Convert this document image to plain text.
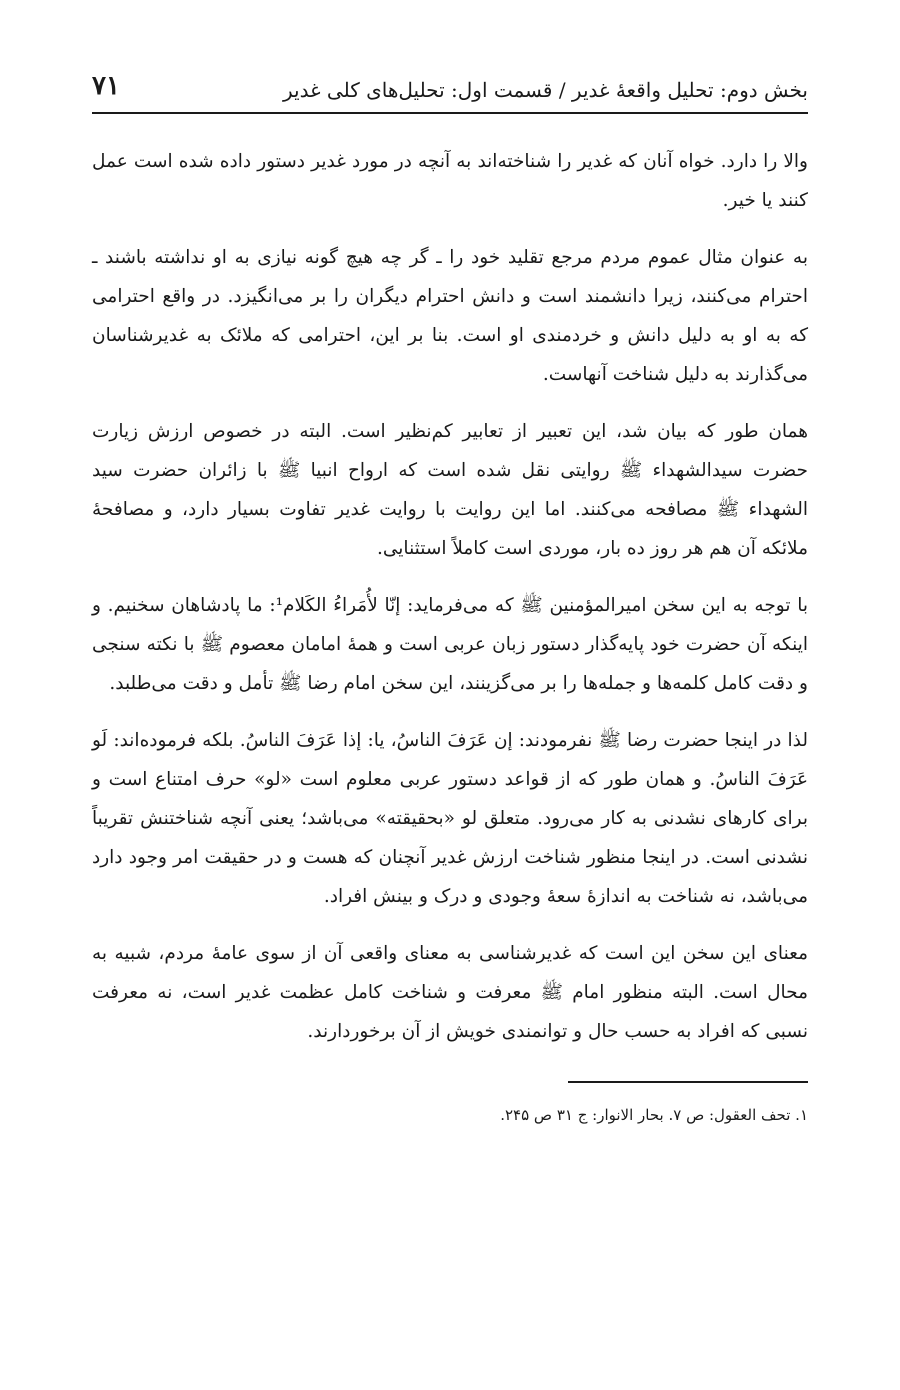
بخش دوم: تحلیل واقعهٔ غدیر / قسمت اول: تحلیل‌های کلی غدیر
۷۱

والا را دارد. خواه آنان که غدیر را شناخته‌اند به آنچه در مورد غدیر دستور داده شده است عمل کنند یا خیر.

به عنوان مثال عموم مردم مرجع تقلید خود را ـ گر چه هیچ گونه نیازی به او نداشته باشند ـ احترام می‌کنند، زیرا دانشمند است و دانش احترام دیگران را بر می‌انگیزد. در واقع احترامی که به او به دلیل دانش و خردمندی او است. بنا بر این، احترامی که ملائک به غدیرشناسان می‌گذارند به دلیل شناخت آنهاست.

همان طور که بیان شد، این تعبیر از تعابیر کم‌نظیر است. البته در خصوص ارزش زیارت حضرت سیدالشهداء ﷺ روایتی نقل شده است که ارواح انبیا ﷺ با زائران حضرت سید الشهداء ﷺ مصافحه می‌کنند. اما این روایت با روایت غدیر تفاوت بسیار دارد، و مصافحهٔ ملائکه آن هم هر روز ده بار، موردی است کاملاً استثنایی.

با توجه به این سخن امیرالمؤمنین ﷺ که می‌فرماید: إنّا لأُمَراءُ الکَلام¹: ما پادشاهان سخنیم. و اینکه آن حضرت خود پایه‌گذار دستور زبان عربی است و همهٔ امامان معصوم ﷺ با نکته سنجی و دقت کامل کلمه‌ها و جمله‌ها را بر می‌گزینند، این سخن امام رضا ﷺ تأمل و دقت می‌طلبد.

لذا در اینجا حضرت رضا ﷺ نفرمودند: إن عَرَفَ الناسُ، یا: إذا عَرَفَ الناسُ. بلکه فرموده‌اند: لَو عَرَفَ الناسُ. و همان طور که از قواعد دستور عربی معلوم است «لو» حرف امتناع است و برای کارهای نشدنی به کار می‌رود. متعلق لو «بحقیقته» می‌باشد؛ یعنی آنچه شناختنش تقریباً نشدنی است. در اینجا منظور شناخت ارزش غدیر آنچنان که هست و در حقیقت امر وجود دارد می‌باشد، نه شناخت به اندازهٔ سعهٔ وجودی و درک و بینش افراد.

معنای این سخن این است که غدیرشناسی به معنای واقعی آن از سوی عامهٔ مردم، شبیه به محال است. البته منظور امام ﷺ معرفت و شناخت کامل عظمت غدیر است، نه معرفت نسبی که افراد به حسب حال و توانمندی خویش از آن برخوردارند.

۱. تحف العقول: ص ۷. بحار الانوار: ج ۳۱ ص ۲۴۵.
